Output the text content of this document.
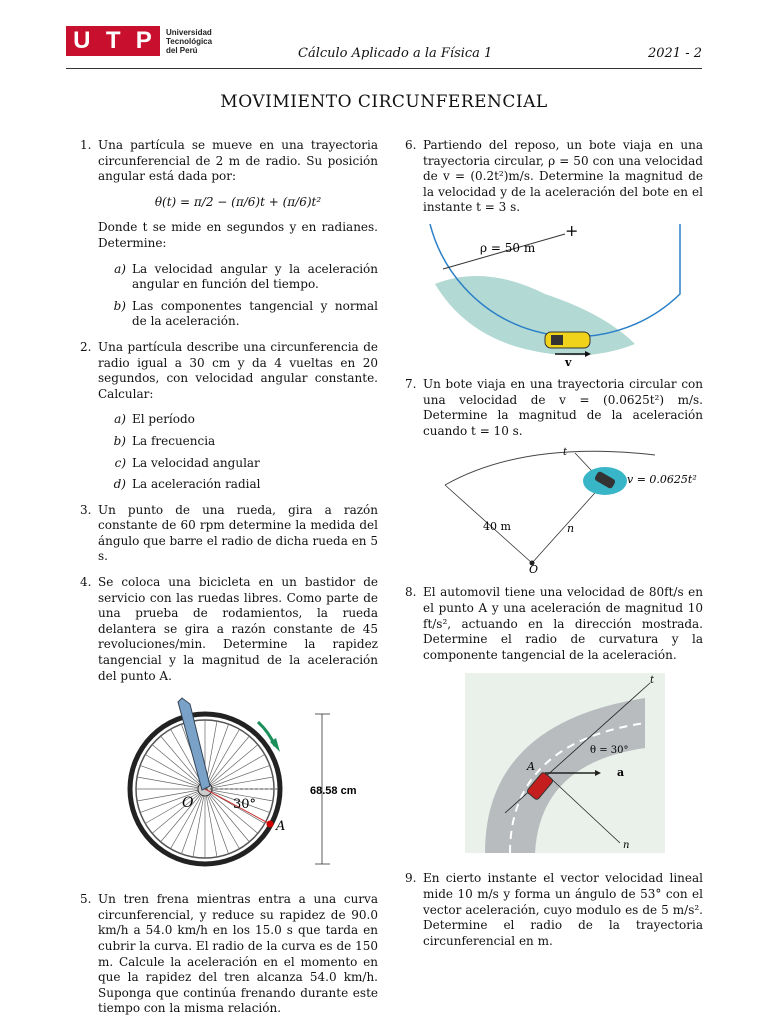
U T P Universidad
Tecnológica
del Perú	Cálculo Aplicado a la Física 1	2021 - 2
MOVIMIENTO CIRCUNFERENCIAL
1. Una partícula se mueve en una trayectoria circunferencial de 2 m de radio. Su posición angular está dada por:
θ(t) = π/2 − (π/6)t + (π/6)t²
Donde t se mide en segundos y en radianes. Determine:
a) La velocidad angular y la aceleración angular en función del tiempo.
b) Las componentes tangencial y normal de la aceleración.
2. Una partícula describe una circunferencia de radio igual a 30 cm y da 4 vueltas en 20 segundos, con velocidad angular constante. Calcular:
a) El período
b) La frecuencia
c) La velocidad angular
d) La aceleración radial
3. Un punto de una rueda, gira a razón constante de 60 rpm determine la medida del ángulo que barre el radio de dicha rueda en 5 s.
4. Se coloca una bicicleta en un bastidor de servicio con las ruedas libres. Como parte de una prueba de rodamientos, la rueda delantera se gira a razón constante de 45 revoluciones/min. Determine la rapidez tangencial y la magnitud de la aceleración del punto A.
O	30°
A
68.58 cm
5. Un tren frena mientras entra a una curva circunferencial, y reduce su rapidez de 90.0 km/h a 54.0 km/h en los 15.0 s que tarda en cubrir la curva. El radio de la curva es de 150 m. Calcule la aceleración en el momento en que la rapidez del tren alcanza 54.0 km/h. Suponga que continúa frenando durante este tiempo con la misma relación.
6. Partiendo del reposo, un bote viaja en una trayectoria circular, ρ = 50 con una velocidad de v = (0.2t²)m/s. Determine la magnitud de la velocidad y de la aceleración del bote en el instante t = 3 s.
+
ρ = 50 m
v
7. Un bote viaja en una trayectoria circular con una velocidad de v = (0.0625t²) m/s. Determine la magnitud de la aceleración cuando t = 10 s.
t
v = 0.0625t²
40 m	n
O
8. El automovil tiene una velocidad de 80ft/s en el punto A y una aceleración de magnitud 10 ft/s², actuando en la dirección mostrada. Determine el radio de curvatura y la componente tangencial de la aceleración.
t
θ = 30°
a
A
n
9. En cierto instante el vector velocidad lineal mide 10 m/s y forma un ángulo de 53° con el vector aceleración, cuyo modulo es de 5 m/s². Determine el radio de la trayectoria circunferencial en m.
